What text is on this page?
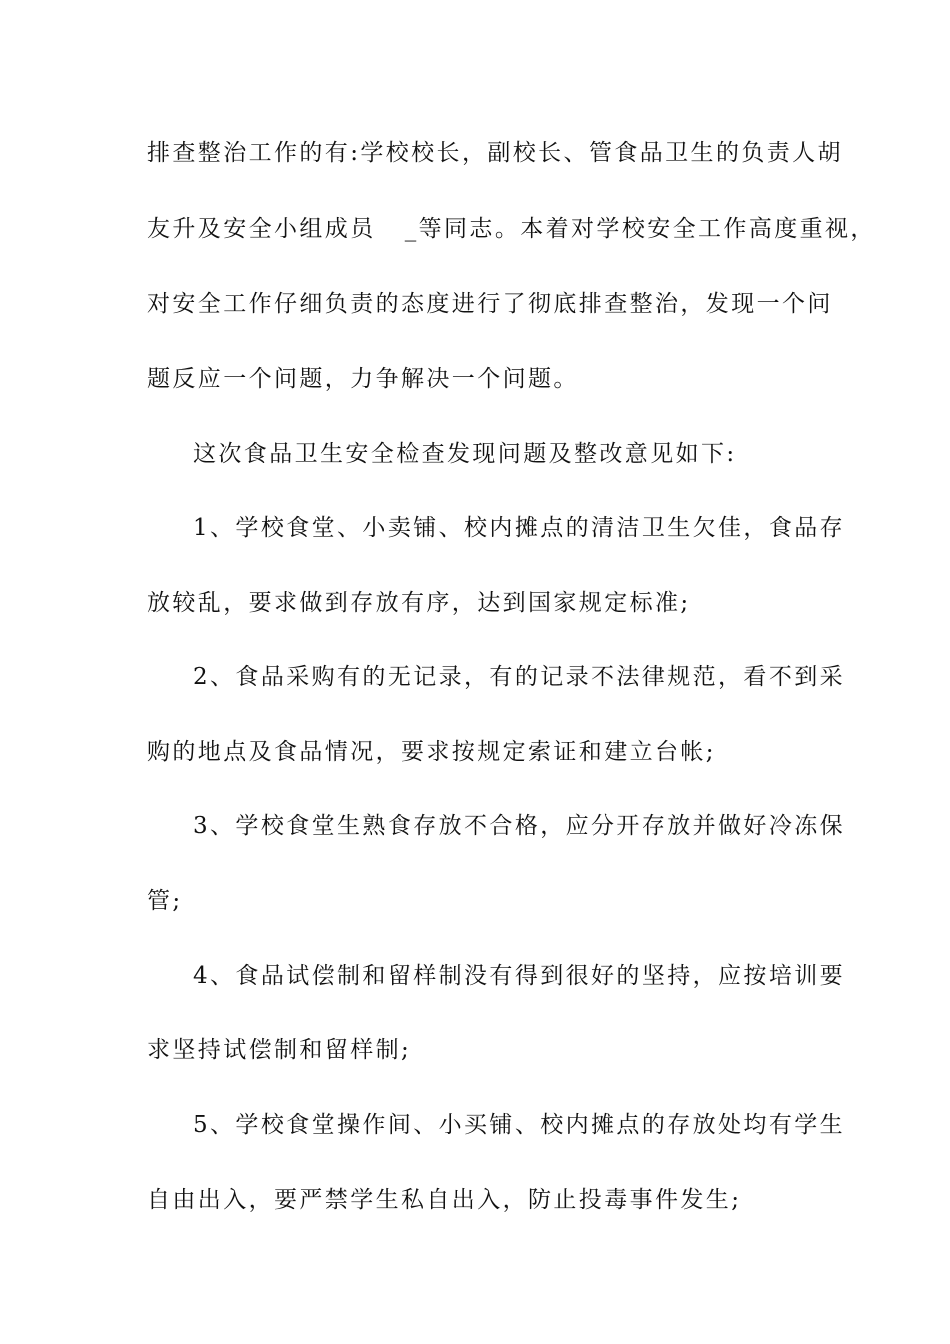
排查整治工作的有:学校校长，副校长、管食品卫生的负责人胡
友升及安全小组成员   _等同志。本着对学校安全工作高度重视，
对安全工作仔细负责的态度进行了彻底排查整治，发现一个问
题反应一个问题，力争解决一个问题。
这次食品卫生安全检查发现问题及整改意见如下:
1、学校食堂、小卖铺、校内摊点的清洁卫生欠佳，食品存
放较乱，要求做到存放有序，达到国家规定标准;
2、食品采购有的无记录，有的记录不法律规范，看不到采
购的地点及食品情况，要求按规定索证和建立台帐;
3、学校食堂生熟食存放不合格，应分开存放并做好冷冻保
管;
4、食品试偿制和留样制没有得到很好的坚持，应按培训要
求坚持试偿制和留样制;
5、学校食堂操作间、小买铺、校内摊点的存放处均有学生
自由出入，要严禁学生私自出入，防止投毒事件发生;
